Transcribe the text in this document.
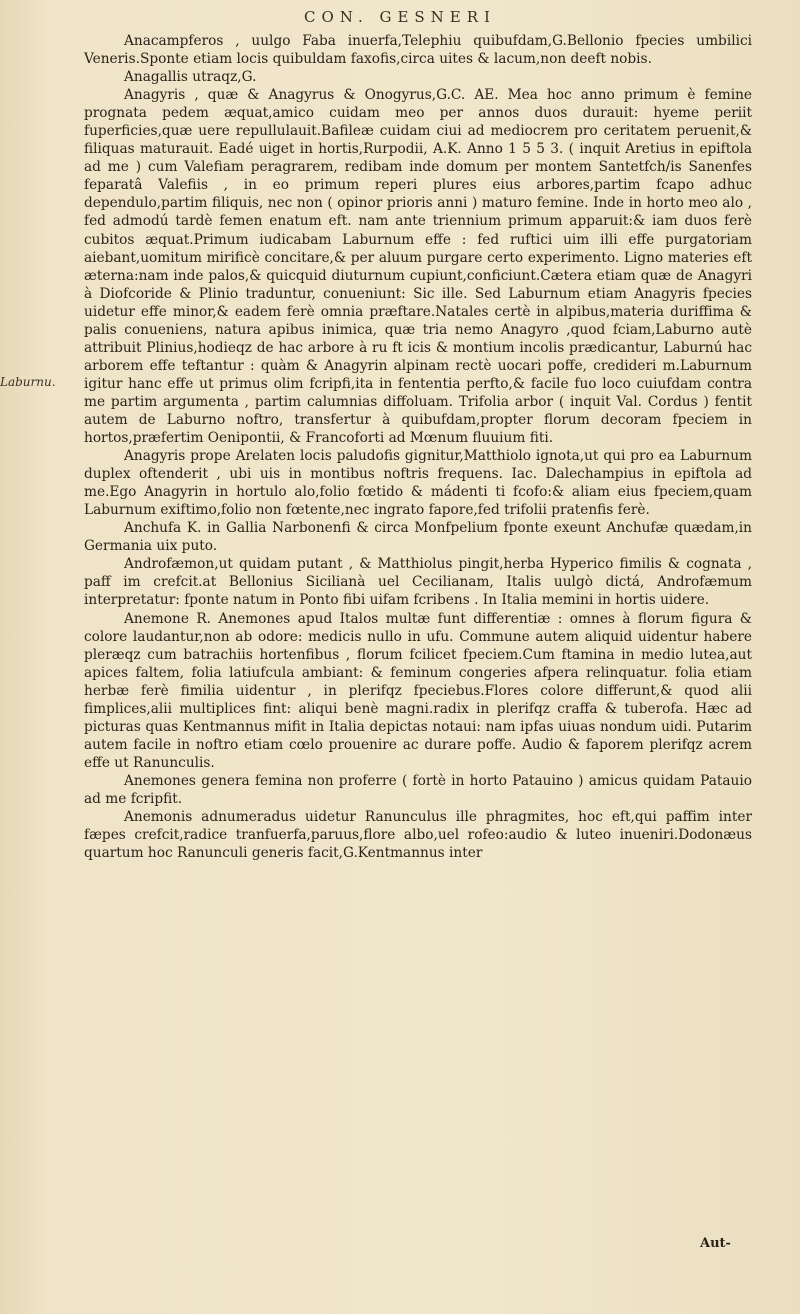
CON. GESNERI
Laburnu.

Anacampferos , uulgo Faba inuerfa,Telephiu quibufdam,G.Bellonio fpecies umbilici Veneris.Sponte etiam locis quibuldam faxofis,circa uites & lacum,non deeft nobis.

Anagallis utraqz,G.

Anagyris , quæ & Anagyrus & Onogyrus,G.C. AE. Mea hoc anno primum è femine prognata pedem æquat,amico cuidam meo per annos duos durauit: hyeme periit fuperficies,quæ uere repullulauit.Bafileæ cuidam ciui ad mediocrem pro ceritatem peruenit,& filiquas maturauit. Eadé uiget in hortis,Rurpodii, A.K. Anno 1 5 5 3. ( inquit Aretius in epiftola ad me ) cum Valefiam peragrarem, redibam inde domum per montem Santetfch/is Sanenfes feparatâ Valefiis , in eo primum reperi plures eius arbores,partim fcapo adhuc dependulo,partim filiquis, nec non ( opinor prioris anni ) maturo femine. Inde in horto meo alo , fed admodú tardè femen enatum eft. nam ante triennium primum apparuit:& iam duos ferè cubitos æquat.Primum iudicabam Laburnum effe : fed ruftici uim illi effe purgatoriam aiebant,uomitum mirificè concitare,& per aluum purgare certo experimento. Ligno materies eft æterna:nam inde palos,& quicquid diuturnum cupiunt,conficiunt.Cætera etiam quæ de Anagyri à Diofcoride & Plinio traduntur, conueniunt: Sic ille. Sed Laburnum etiam Anagyris fpecies uidetur effe minor,& eadem ferè omnia præftare.Natales certè in alpibus,materia duriffima & palis conueniens, natura apibus inimica, quæ tria nemo Anagyro ,quod fciam,Laburno autè attribuit Plinius,hodieqz de hac arbore à ru ft icis & montium incolis prædicantur, Laburnú hac arborem effe teftantur : quàm & Anagyrin alpinam rectè uocari poffe, credideri m.Laburnum igitur hanc effe ut primus olim fcripfi,ita in fententia perfto,& facile fuo loco cuiufdam contra me partim argumenta , partim calumnias diffoluam. Trifolia arbor ( inquit Val. Cordus ) fentit autem de Laburno noftro, transfertur à quibufdam,propter florum decoram fpeciem in hortos,præfertim Oenipontii, & Francoforti ad Mœnum fluuium fiti.

Anagyris prope Arelaten locis paludofis gignitur,Matthiolo ignota,ut qui pro ea Laburnum duplex oftenderit , ubi uis in montibus noftris frequens. Iac. Dalechampius in epiftola ad me.Ego Anagyrin in hortulo alo,folio fœtido & mádenti ti fcofo:& aliam eius fpeciem,quam Laburnum exiftimo,folio non fœtente,nec ingrato fapore,fed trifolii pratenfis ferè.

Anchufa K. in Gallia Narbonenfi & circa Monfpelium fponte exeunt Anchufæ quædam,in Germania uix puto.

Androfæmon,ut quidam putant , & Matthiolus pingit,herba Hyperico fimilis & cognata , paff im crefcit.at Bellonius Sicilianà uel Cecilianam, Italis uulgò dictá, Androfæmum interpretatur: fponte natum in Ponto fibi uifam fcribens . In Italia memini in hortis uidere.

Anemone R. Anemones apud Italos multæ funt differentiæ : omnes à florum figura & colore laudantur,non ab odore: medicis nullo in ufu. Commune autem aliquid uidentur habere pleræqz cum batrachiis hortenfibus , florum fcilicet fpeciem.Cum ftamina in medio lutea,aut apices faltem, folia latiufcula ambiant: & feminum congeries afpera relinquatur. folia etiam herbæ ferè fimilia uidentur , in plerifqz fpeciebus.Flores colore differunt,& quod alii fimplices,alii multiplices fint: aliqui benè magni.radix in plerifqz craffa & tuberofa. Hæc ad picturas quas Kentmannus mifit in Italia depictas notaui: nam ipfas uiuas nondum uidi. Putarim autem facile in noftro etiam cœlo prouenire ac durare poffe. Audio & faporem plerifqz acrem effe ut Ranunculis.

Anemones genera femina non proferre ( fortè in horto Patauino ) amicus quidam Patauio ad me fcripfit.

Anemonis adnumeradus uidetur Ranunculus ille phragmites, hoc eft,qui paffim inter fæpes crefcit,radice tranfuerfa,paruus,flore albo,uel rofeo:audio & luteo inueniri.Dodonæus quartum hoc Ranunculi generis facit,G.Kentmannus inter

Aut-
